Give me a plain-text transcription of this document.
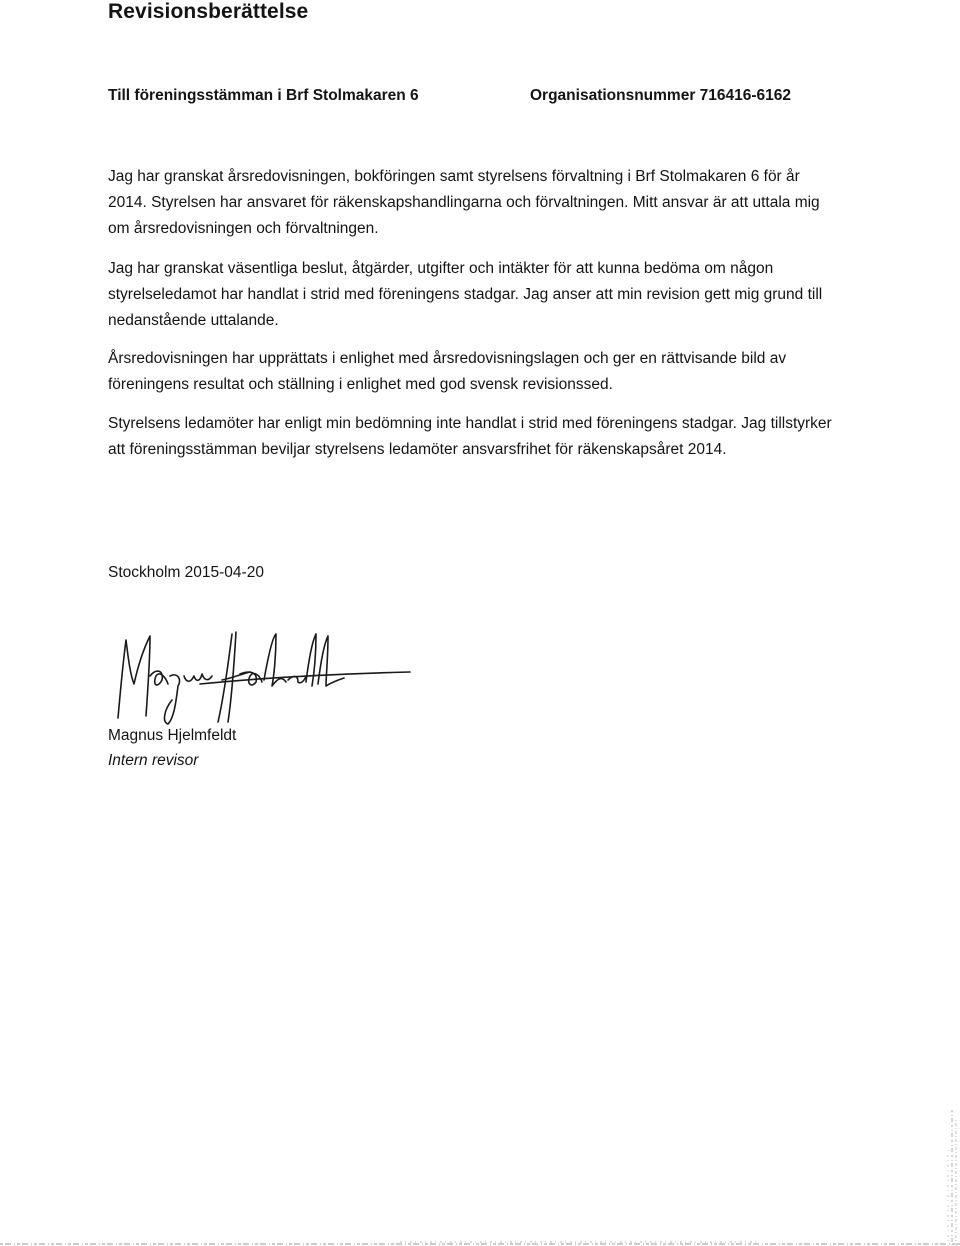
Revisionsberättelse
Till föreningsstämman i Brf Stolmakaren 6	Organisationsnummer 716416-6162

Jag har granskat årsredovisningen, bokföringen samt styrelsens förvaltning i Brf Stolmakaren 6 för år 2014. Styrelsen har ansvaret för räkenskapshandlingarna och förvaltningen. Mitt ansvar är att uttala mig om årsredovisningen och förvaltningen.

Jag har granskat väsentliga beslut, åtgärder, utgifter och intäkter för att kunna bedöma om någon styrelseledamot har handlat i strid med föreningens stadgar. Jag anser att min revision gett mig grund till nedanstående uttalande.

Årsredovisningen har upprättats i enlighet med årsredovisningslagen och ger en rättvisande bild av föreningens resultat och ställning i enlighet med god svensk revisionssed.

Styrelsens ledamöter har enligt min bedömning inte handlat i strid med föreningens stadgar. Jag tillstyrker att föreningsstämman beviljar styrelsens ledamöter ansvarsfrihet för räkenskapsåret 2014.

Stockholm 2015-04-20
Magnus Hjelmfeldt
Intern revisor
